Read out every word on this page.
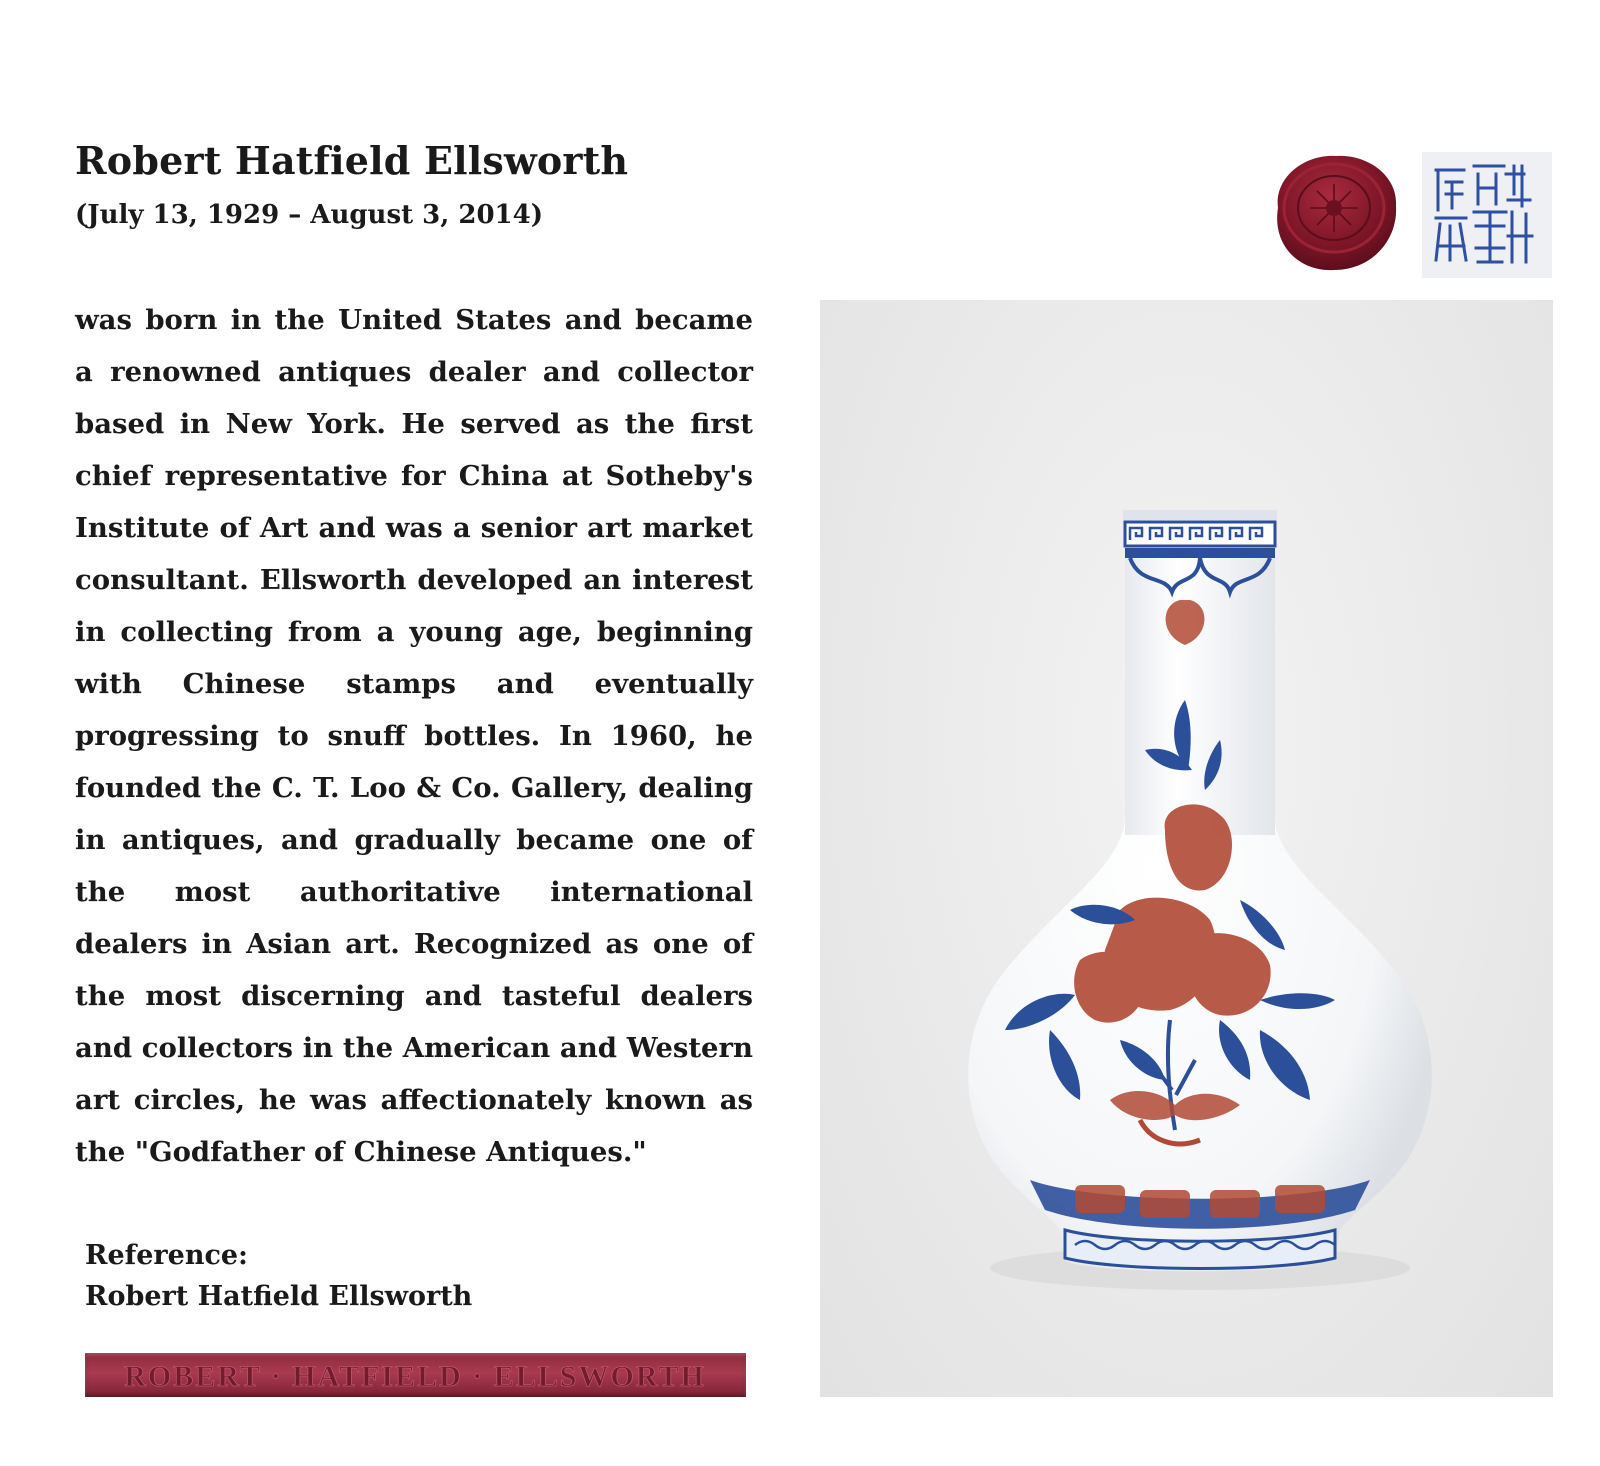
Robert Hatfield Ellsworth
(July 13, 1929 – August 3, 2014)
was born in the United States and became a renowned antiques dealer and collector based in New York. He served as the first chief representative for China at Sotheby's Institute of Art and was a senior art market consultant. Ellsworth developed an interest in collecting from a young age, beginning with Chinese stamps and eventually progressing to snuff bottles. In 1960, he founded the C. T. Loo & Co. Gallery, dealing in antiques, and gradually became one of the most authoritative international dealers in Asian art. Recognized as one of the most discerning and tasteful dealers and collectors in the American and Western art circles, he was affectionately known as the "Godfather of Chinese Antiques."
Reference:
Robert Hatfield Ellsworth
ROBERT · HATFIELD · ELLSWORTH
